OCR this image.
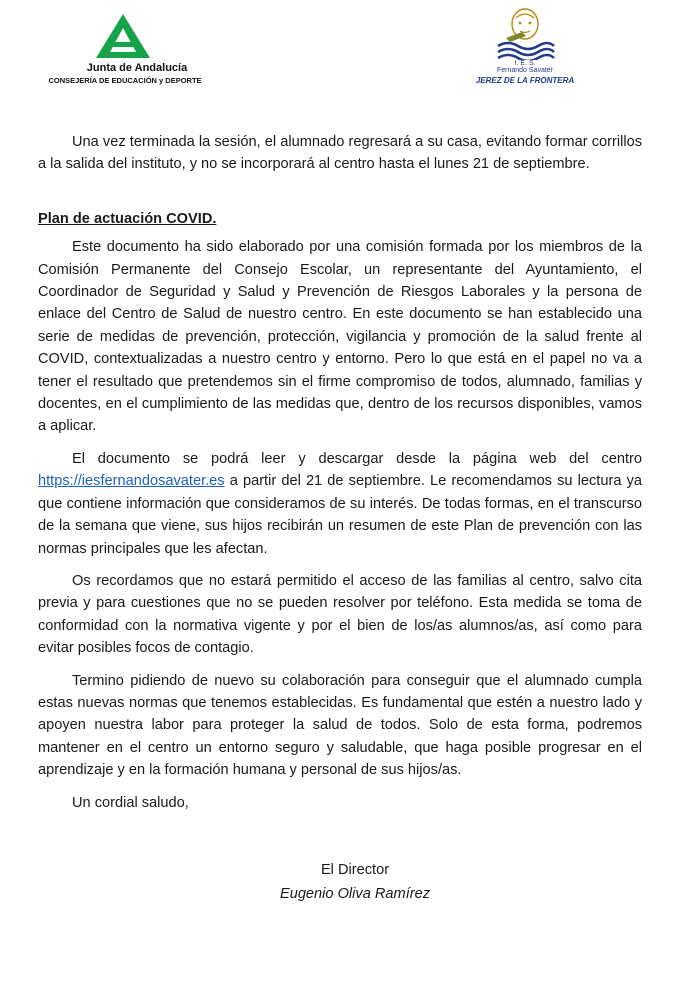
Junta de Andalucía
CONSEJERÍA DE EDUCACIÓN y DEPORTE
I. E. S.
Fernando Savater
JEREZ DE LA FRONTERA

Una vez terminada la sesión, el alumnado regresará a su casa, evitando formar corrillos a la salida del instituto, y no se incorporará al centro hasta el lunes 21 de septiembre.

Plan de actuación COVID.

Este documento ha sido elaborado por una comisión formada por los miembros de la Comisión Permanente del Consejo Escolar, un representante del Ayuntamiento, el Coordinador de Seguridad y Salud y Prevención de Riesgos Laborales y la persona de enlace del Centro de Salud de nuestro centro. En este documento se han establecido una serie de medidas de prevención, protección, vigilancia y promoción de la salud frente al COVID, contextualizadas a nuestro centro y entorno. Pero lo que está en el papel no va a tener el resultado que pretendemos sin el firme compromiso de todos, alumnado, familias y docentes, en el cumplimiento de las medidas que, dentro de los recursos disponibles, vamos a aplicar.

El documento se podrá leer y descargar desde la página web del centro https://iesfernandosavater.es a partir del 21 de septiembre. Le recomendamos su lectura ya que contiene información que consideramos de su interés. De todas formas, en el transcurso de la semana que viene, sus hijos recibirán un resumen de este Plan de prevención con las normas principales que les afectan.

Os recordamos que no estará permitido el acceso de las familias al centro, salvo cita previa y para cuestiones que no se pueden resolver por teléfono. Esta medida se toma de conformidad con la normativa vigente y por el bien de los/as alumnos/as, así como para evitar posibles focos de contagio.

Termino pidiendo de nuevo su colaboración para conseguir que el alumnado cumpla estas nuevas normas que tenemos establecidas. Es fundamental que estén a nuestro lado y apoyen nuestra labor para proteger la salud de todos. Solo de esta forma, podremos mantener en el centro un entorno seguro y saludable, que haga posible progresar en el aprendizaje y en la formación humana y personal de sus hijos/as.

Un cordial saludo,

El Director
Eugenio Oliva Ramírez
